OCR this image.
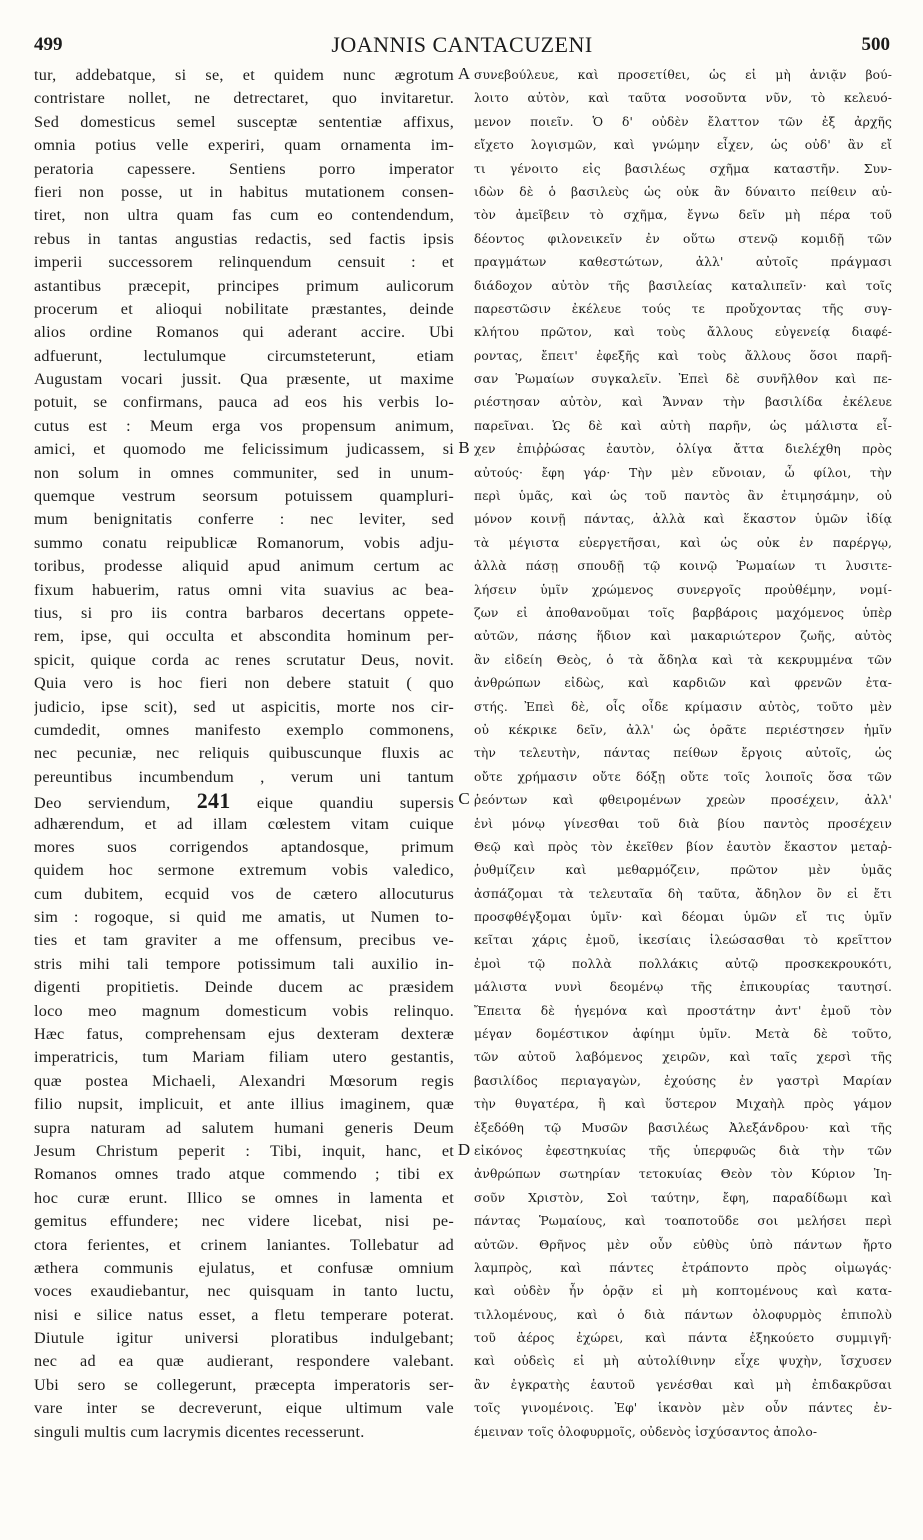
499	JOANNIS CANTACUZENI	500
tur, addebatque, si se, et quidem nunc ægrotum
contristare nollet, ne detrectaret, quo invitaretur.
Sed domesticus semel susceptæ sententiæ affixus,
omnia potius velle experiri, quam ornamenta im-
peratoria capessere. Sentiens porro imperator
fieri non posse, ut in habitus mutationem consen-
tiret, non ultra quam fas cum eo contendendum,
rebus in tantas angustias redactis, sed factis ipsis
imperii successorem relinquendum censuit : et
astantibus præcepit, principes primum aulicorum
procerum et alioqui nobilitate præstantes, deinde
alios ordine Romanos qui aderant accire. Ubi
adfuerunt, lectulumque circumsteterunt, etiam
Augustam vocari jussit. Qua præsente, ut maxime
potuit, se confirmans, pauca ad eos his verbis lo-
cutus est : Meum erga vos propensum animum,
amici, et quomodo me felicissimum judicassem, si
non solum in omnes communiter, sed in unum-
quemque vestrum seorsum potuissem quampluri-
mum benignitatis conferre : nec leviter, sed
summo conatu reipublicæ Romanorum, vobis adju-
toribus, prodesse aliquid apud animum certum ac
fixum habuerim, ratus omni vita suavius ac bea-
tius, si pro iis contra barbaros decertans oppete-
rem, ipse, qui occulta et abscondita hominum per-
spicit, quique corda ac renes scrutatur Deus, novit.
Quia vero is hoc fieri non debere statuit ( quo
judicio, ipse scit), sed ut aspicitis, morte nos cir-
cumdedit, omnes manifesto exemplo commonens,
nec pecuniæ, nec reliquis quibuscunque fluxis ac
pereuntibus incumbendum , verum uni tantum
Deo serviendum, 241 eique quandiu supersis
adhærendum, et ad illam cœlestem vitam cuique
mores suos corrigendos aptandosque, primum
quidem hoc sermone extremum vobis valedico,
cum dubitem, ecquid vos de cætero allocuturus
sim : rogoque, si quid me amatis, ut Numen to-
ties et tam graviter a me offensum, precibus ve-
stris mihi tali tempore potissimum tali auxilio in-
digenti propitietis. Deinde ducem ac præsidem
loco meo magnum domesticum vobis relinquo.
Hæc fatus, comprehensam ejus dexteram dexteræ
imperatricis, tum Mariam filiam utero gestantis,
quæ postea Michaeli, Alexandri Mœsorum regis
filio nupsit, implicuit, et ante illius imaginem, quæ
supra naturam ad salutem humani generis Deum
Jesum Christum peperit : Tibi, inquit, hanc, et
Romanos omnes trado atque commendo ; tibi ex
hoc curæ erunt. Illico se omnes in lamenta et
gemitus effundere; nec videre licebat, nisi pe-
ctora ferientes, et crinem laniantes. Tollebatur ad
æthera communis ejulatus, et confusæ omnium
voces exaudiebantur, nec quisquam in tanto luctu,
nisi e silice natus esset, a fletu temperare poterat.
Diutule igitur universi ploratibus indulgebant;
nec ad ea quæ audierant, respondere valebant.
Ubi sero se collegerunt, præcepta imperatoris ser-
vare inter se decreverunt, eique ultimum vale
singuli multis cum lacrymis dicentes recesserunt.
συνεβούλευε, καὶ προσετίθει, ὡς εἰ μὴ ἀνιᾷν βού-
λοιτο αὐτὸν, καὶ ταῦτα νοσοῦντα νῦν, τὸ κελευό-
μενον ποιεῖν. Ὁ δ' οὐδὲν ἔλαττον τῶν ἐξ ἀρχῆς
εἴχετο λογισμῶν, καὶ γνώμην εἶχεν, ὡς οὐδ' ἂν εἴ
τι γένοιτο εἰς βασιλέως σχῆμα καταστῆν. Συν-
ιδὼν δὲ ὁ βασιλεὺς ὡς οὐκ ἂν δύναιτο πείθειν αὐ-
τὸν ἀμεῖβειν τὸ σχῆμα, ἔγνω δεῖν μὴ πέρα τοῦ
δέοντος φιλονεικεῖν ἐν οὕτω στενῷ κομιδῇ τῶν
πραγμάτων καθεστώτων, ἀλλ' αὐτοῖς πράγμασι
διάδοχον αὐτὸν τῆς βασιλείας καταλιπεῖν· καὶ τοῖς
παρεστῶσιν ἐκέλευε τούς τε προὔχοντας τῆς συγ-
κλήτου πρῶτον, καὶ τοὺς ἄλλους εὐγενείᾳ διαφέ-
ροντας, ἔπειτ' ἐφεξῆς καὶ τοὺς ἄλλους ὅσοι παρῆ-
σαν Ῥωμαίων συγκαλεῖν. Ἐπεὶ δὲ συνῆλθον καὶ πε-
ριέστησαν αὐτὸν, καὶ Ἄνναν τὴν βασιλίδα ἐκέλευε
παρεῖναι. Ὡς δὲ καὶ αὐτὴ παρῆν, ὡς μάλιστα εἶ-
χεν ἐπιῤῥώσας ἑαυτὸν, ὀλίγα ἄττα διελέχθη πρὸς
αὐτούς· ἔφη γάρ· Τὴν μὲν εὔνοιαν, ὦ φίλοι, τὴν
περὶ ὑμᾶς, καὶ ὡς τοῦ παντὸς ἂν ἐτιμησάμην, οὐ
μόνον κοινῇ πάντας, ἀλλὰ καὶ ἕκαστον ὑμῶν ἰδίᾳ
τὰ μέγιστα εὐεργετῆσαι, καὶ ὡς οὐκ ἐν παρέργῳ,
ἀλλὰ πάσῃ σπουδῇ τῷ κοινῷ Ῥωμαίων τι λυσιτε-
λήσειν ὑμῖν χρώμενος συνεργοῖς προὐθέμην, νομί-
ζων εἰ ἀποθανοῦμαι τοῖς βαρβάροις μαχόμενος ὑπὲρ
αὐτῶν, πάσης ἥδιον καὶ μακαριώτερον ζωῆς, αὐτὸς
ἂν εἰδείη Θεὸς, ὁ τὰ ἄδηλα καὶ τὰ κεκρυμμένα τῶν
ἀνθρώπων εἰδὼς, καὶ καρδιῶν καὶ φρενῶν ἐτα-
στής. Ἐπεὶ δὲ, οἷς οἶδε κρίμασιν αὐτὸς, τοῦτο μὲν
οὐ κέκρικε δεῖν, ἀλλ' ὡς ὁρᾶτε περιέστησεν ἡμῖν
τὴν τελευτὴν, πάντας πείθων ἔργοις αὐτοῖς, ὡς
οὔτε χρήμασιν οὔτε δόξῃ οὔτε τοῖς λοιποῖς ὅσα τῶν
ῥεόντων καὶ φθειρομένων χρεὼν προσέχειν, ἀλλ'
ἑνὶ μόνῳ γίνεσθαι τοῦ διὰ βίου παντὸς προσέχειν
Θεῷ καὶ πρὸς τὸν ἐκεῖθεν βίον ἑαυτὸν ἕκαστον μεταῤ-
ῥυθμίζειν καὶ μεθαρμόζειν, πρῶτον μὲν ὑμᾶς
ἀσπάζομαι τὰ τελευταῖα δὴ ταῦτα, ἄδηλον ὂν εἰ ἔτι
προσφθέγξομαι ὑμῖν· καὶ δέομαι ὑμῶν εἴ τις ὑμῖν
κεῖται χάρις ἐμοῦ, ἱκεσίαις ἱλεώσασθαι τὸ κρεῖττον
ἐμοὶ τῷ πολλὰ πολλάκις αὐτῷ προσκεκρουκότι,
μάλιστα νυνὶ δεομένῳ τῆς ἐπικουρίας ταυτησί.
Ἔπειτα δὲ ἡγεμόνα καὶ προστάτην ἀντ' ἐμοῦ τὸν
μέγαν δομέστικον ἀφίημι ὑμῖν. Μετὰ δὲ τοῦτο,
τῶν αὐτοῦ λαβόμενος χειρῶν, καὶ ταῖς χερσὶ τῆς
βασιλίδος περιαγαγὼν, ἐχούσης ἐν γαστρὶ Μαρίαν
τὴν θυγατέρα, ἣ καὶ ὕστερον Μιχαὴλ πρὸς γάμον
ἐξεδόθη τῷ Μυσῶν βασιλέως Ἀλεξάνδρου· καὶ τῆς
εἰκόνος ἐφεστηκυίας τῆς ὑπερφυῶς διὰ τὴν τῶν
ἀνθρώπων σωτηρίαν τετοκυίας Θεὸν τὸν Κύριον Ἰη-
σοῦν Χριστὸν, Σοὶ ταύτην, ἔφη, παραδίδωμι καὶ
πάντας Ῥωμαίους, καὶ τοαποτοῦδε σοι μελήσει περὶ
αὐτῶν. Θρῆνος μὲν οὖν εὐθὺς ὑπὸ πάντων ἤρτο
λαμπρὸς, καὶ πάντες ἐτράποντο πρὸς οἰμωγάς·
καὶ οὐδὲν ἦν ὁρᾷν εἰ μὴ κοπτομένους καὶ κατα-
τιλλομένους, καὶ ὁ διὰ πάντων ὀλοφυρμὸς ἐπιπολὺ
τοῦ ἀέρος ἐχώρει, καὶ πάντα ἐξηκούετο συμμιγῆ·
καὶ οὐδεὶς εἰ μὴ αὐτολίθινην εἶχε ψυχὴν, ἴσχυσεν
ἂν ἐγκρατὴς ἑαυτοῦ γενέσθαι καὶ μὴ ἐπιδακρῦσαι
τοῖς γινομένοις. Ἐφ' ἱκανὸν μὲν οὖν πάντες ἐν-
έμειναν τοῖς ὀλοφυρμοῖς, οὐδενὸς ἰσχύσαντος ἀπολο-
A
B
C
D
